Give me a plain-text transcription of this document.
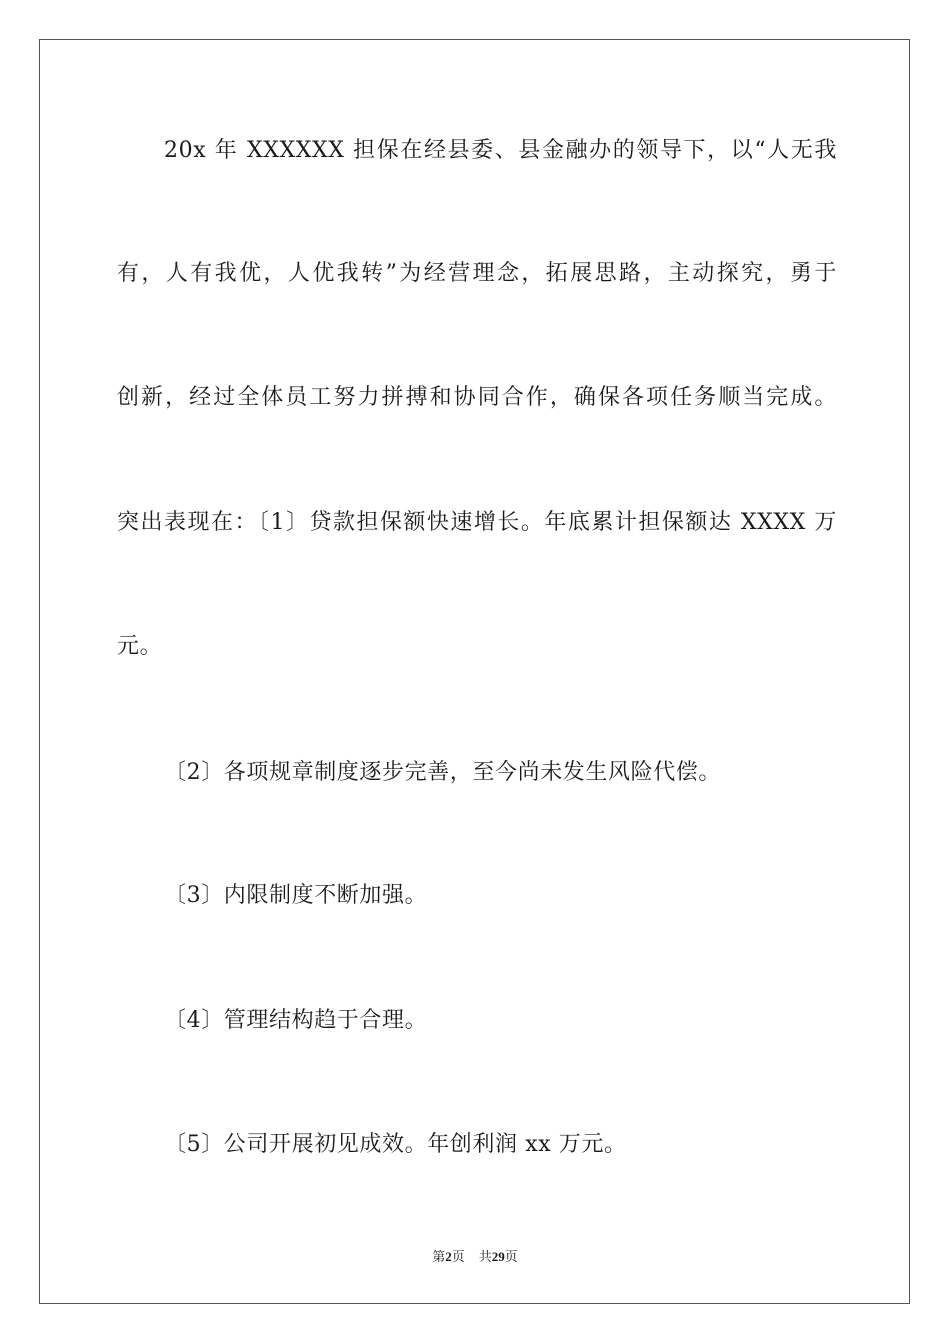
20x 年 XXXXXX 担保在经县委、县金融办的领导下，以“人无我
有，人有我优，人优我转”为经营理念，拓展思路，主动探究，勇于
创新，经过全体员工努力拼搏和协同合作，确保各项任务顺当完成。
突出表现在：〔1〕贷款担保额快速增长。年底累计担保额达 XXXX 万
元。
〔2〕各项规章制度逐步完善，至今尚未发生风险代偿。
〔3〕内限制度不断加强。
〔4〕管理结构趋于合理。
〔5〕公司开展初见成效。年创利润 xx 万元。
第2页 共29页
